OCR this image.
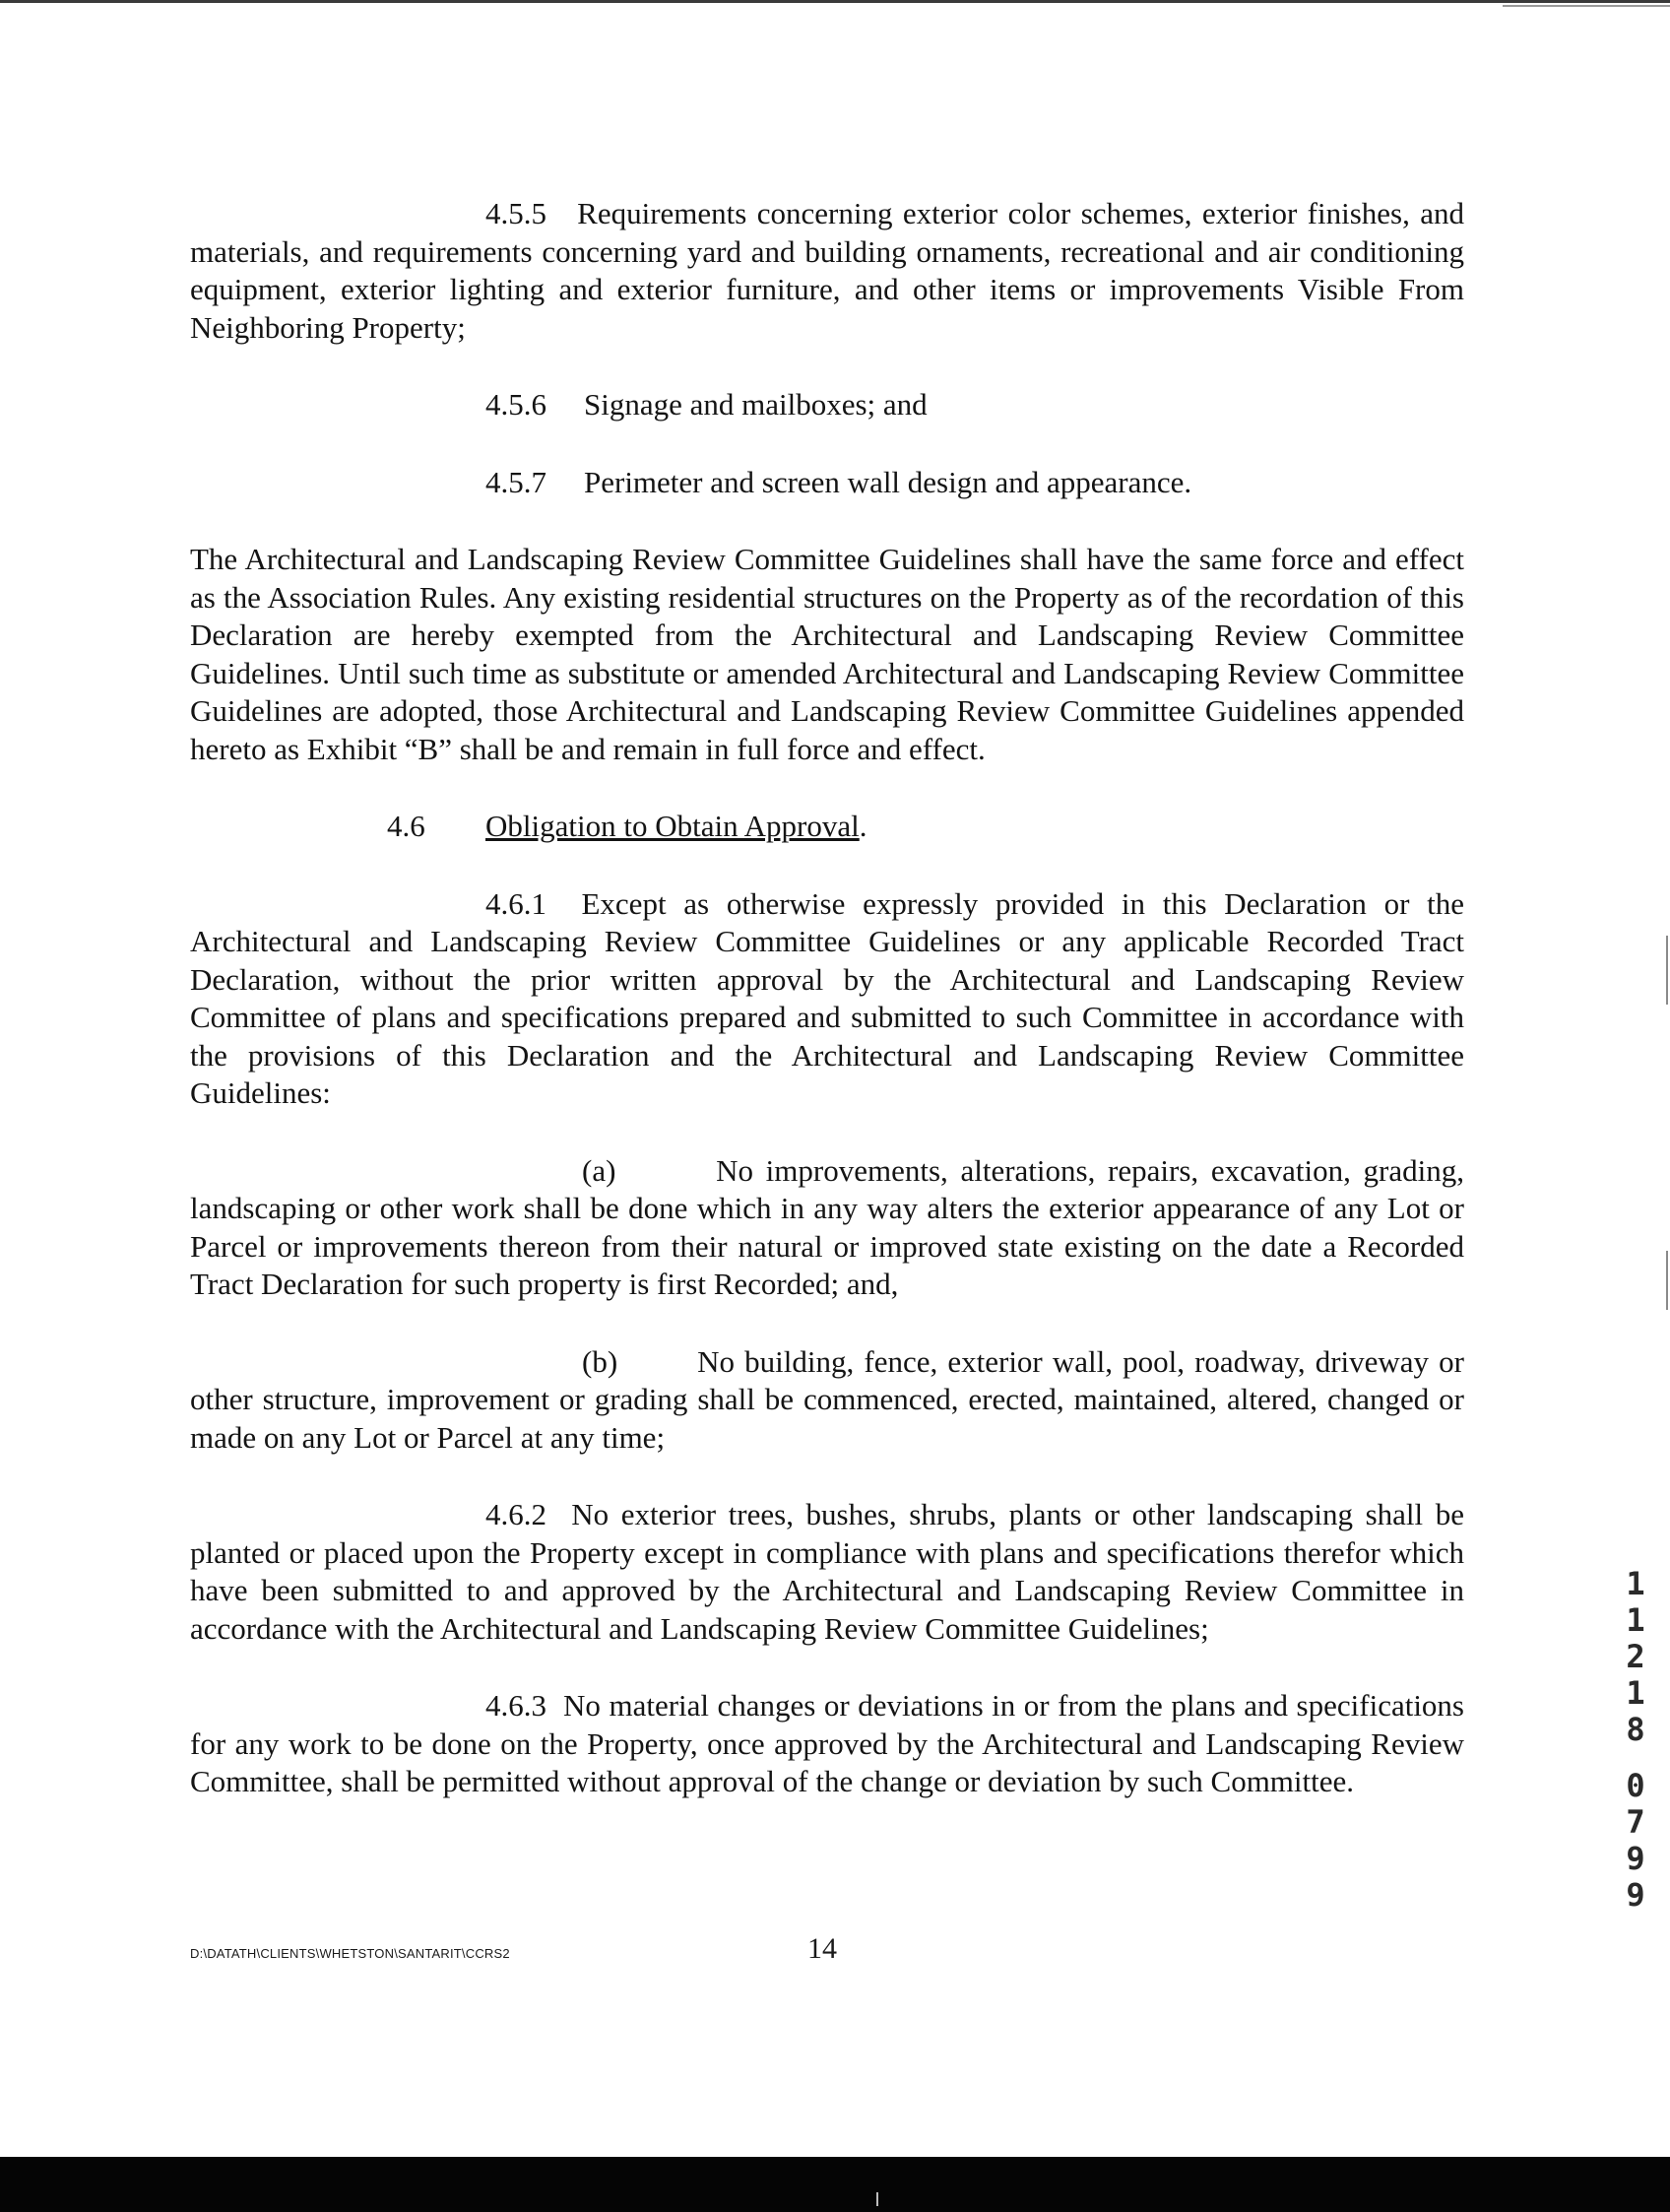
4.5.5 Requirements concerning exterior color schemes, exterior finishes, and materials, and requirements concerning yard and building ornaments, recreational and air conditioning equipment, exterior lighting and exterior furniture, and other items or improvements Visible From Neighboring Property;

4.5.6 Signage and mailboxes; and

4.5.7 Perimeter and screen wall design and appearance.

The Architectural and Landscaping Review Committee Guidelines shall have the same force and effect as the Association Rules. Any existing residential structures on the Property as of the recordation of this Declaration are hereby exempted from the Architectural and Landscaping Review Committee Guidelines. Until such time as substitute or amended Architectural and Landscaping Review Committee Guidelines are adopted, those Architectural and Landscaping Review Committee Guidelines appended hereto as Exhibit “B” shall be and remain in full force and effect.

4.6 Obligation to Obtain Approval.

4.6.1 Except as otherwise expressly provided in this Declaration or the Architectural and Landscaping Review Committee Guidelines or any applicable Recorded Tract Declaration, without the prior written approval by the Architectural and Landscaping Review Committee of plans and specifications prepared and submitted to such Committee in accordance with the provisions of this Declaration and the Architectural and Landscaping Review Committee Guidelines:

(a)	No improvements, alterations, repairs, excavation, grading, landscaping or other work shall be done which in any way alters the exterior appearance of any Lot or Parcel or improvements thereon from their natural or improved state existing on the date a Recorded Tract Declaration for such property is first Recorded; and,

(b)	No building, fence, exterior wall, pool, roadway, driveway or other structure, improvement or grading shall be commenced, erected, maintained, altered, changed or made on any Lot or Parcel at any time;

4.6.2 No exterior trees, bushes, shrubs, plants or other landscaping shall be planted or placed upon the Property except in compliance with plans and specifications therefor which have been submitted to and approved by the Architectural and Landscaping Review Committee in accordance with the Architectural and Landscaping Review Committee Guidelines;

4.6.3 No material changes or deviations in or from the plans and specifications for any work to be done on the Property, once approved by the Architectural and Landscaping Review Committee, shall be permitted without approval of the change or deviation by such Committee.

D:\DATATH\CLIENTS\WHETSTON\SANTARIT\CCRS2	14
1
1
2
1
8
0
7
9
9
